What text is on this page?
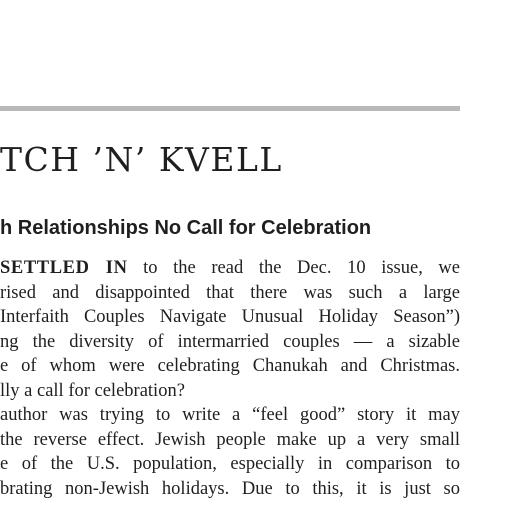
TCH ’N’ KVELL
h Relationships No Call for Celebration
SETTLED IN to the read the Dec. 10 issue, we
rised and disappointed that there was such a large
Interfaith Couples Navigate Unusual Holiday Season”)
ng the diversity of intermarried couples — a sizable
e of whom were celebrating Chanukah and Christmas.
lly a call for celebration?
author was trying to write a “feel good” story it may
the reverse effect. Jewish people make up a very small
e of the U.S. population, especially in comparison to
brating non-Jewish holidays. Due to this, it is just so
